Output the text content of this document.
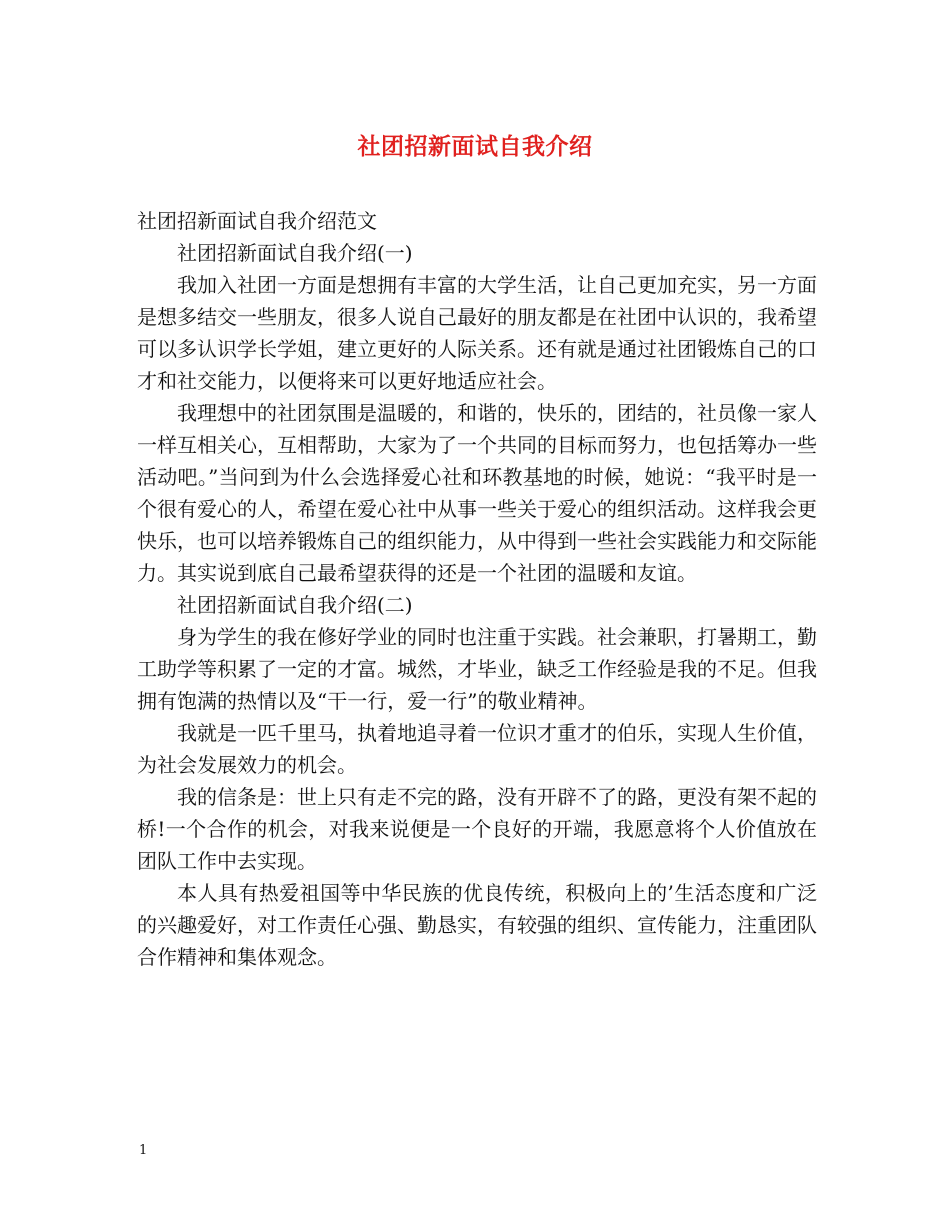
社团招新面试自我介绍

社团招新面试自我介绍范文

社团招新面试自我介绍(一)

我加入社团一方面是想拥有丰富的大学生活，让自己更加充实，另一方面是想多结交一些朋友，很多人说自己最好的朋友都是在社团中认识的，我希望可以多认识学长学姐，建立更好的人际关系。还有就是通过社团锻炼自己的口才和社交能力，以便将来可以更好地适应社会。

我理想中的社团氛围是温暖的，和谐的，快乐的，团结的，社员像一家人一样互相关心，互相帮助，大家为了一个共同的目标而努力，也包括筹办一些活动吧。”当问到为什么会选择爱心社和环教基地的时候，她说：“我平时是一个很有爱心的人，希望在爱心社中从事一些关于爱心的组织活动。这样我会更快乐，也可以培养锻炼自己的组织能力，从中得到一些社会实践能力和交际能力。其实说到底自己最希望获得的还是一个社团的温暖和友谊。

社团招新面试自我介绍(二)

身为学生的我在修好学业的同时也注重于实践。社会兼职，打暑期工，勤工助学等积累了一定的才富。城然，才毕业，缺乏工作经验是我的不足。但我拥有饱满的热情以及“干一行，爱一行”的敬业精神。

我就是一匹千里马，执着地追寻着一位识才重才的伯乐，实现人生价值，为社会发展效力的机会。

我的信条是：世上只有走不完的路，没有开辟不了的路，更没有架不起的桥!一个合作的机会，对我来说便是一个良好的开端，我愿意将个人价值放在团队工作中去实现。

本人具有热爱祖国等中华民族的优良传统，积极向上的’生活态度和广泛的兴趣爱好，对工作责任心强、勤恳实，有较强的组织、宣传能力，注重团队合作精神和集体观念。

1
